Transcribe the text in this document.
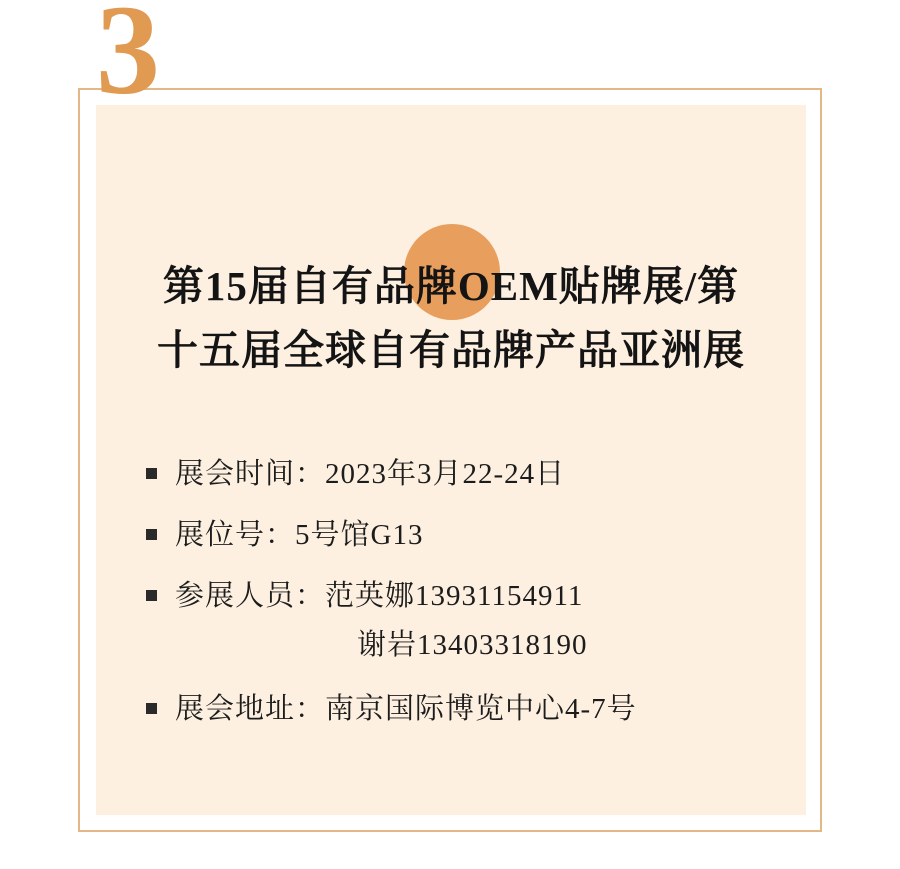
3
第15届自有品牌OEM贴牌展/第
十五届全球自有品牌产品亚洲展
展会时间： 2023年3月22-24日
展位号： 5号馆G13
参展人员： 范英娜13931154911
谢岩13403318190
展会地址： 南京国际博览中心4-7号
